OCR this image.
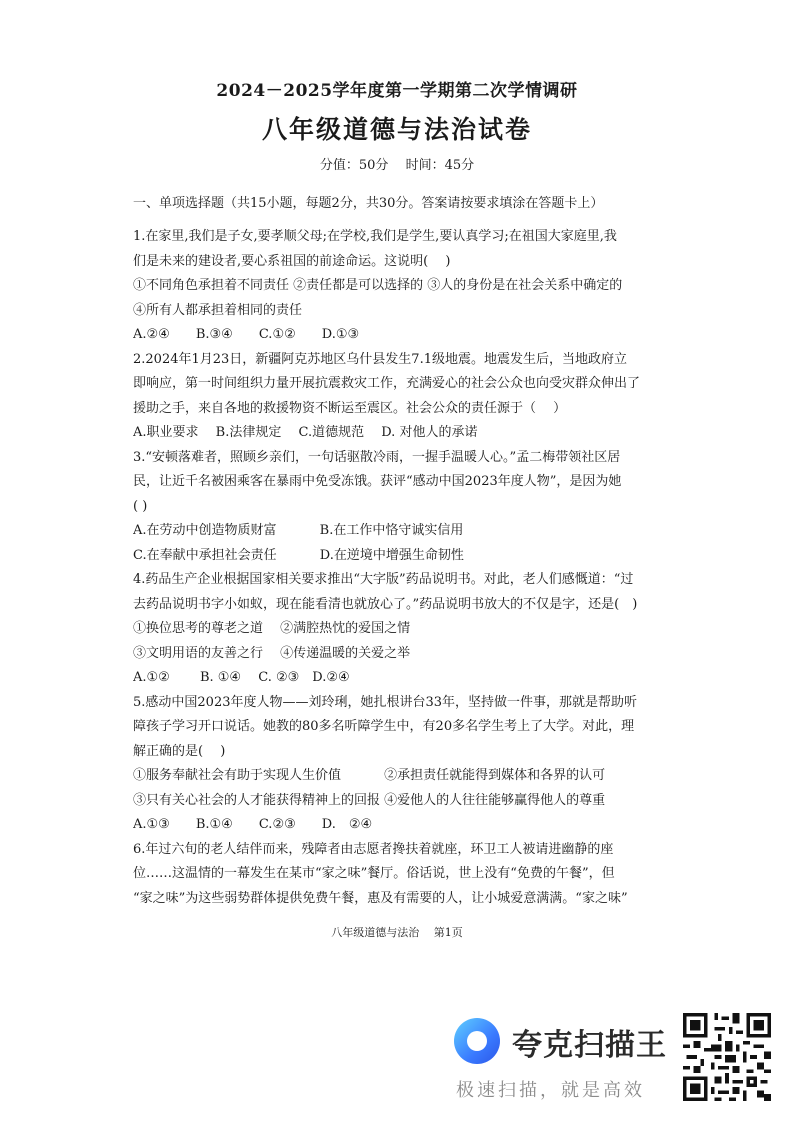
2024－2025学年度第一学期第二次学情调研
八年级道德与法治试卷
分值：50分　 时间：45分
一、单项选择题（共15小题，每题2分，共30分。答案请按要求填涂在答题卡上）
1.在家里,我们是子女,要孝顺父母;在学校,我们是学生,要认真学习;在祖国大家庭里,我
们是未来的建设者,要心系祖国的前途命运。这说明(　 )
①不同角色承担着不同责任 ②责任都是可以选择的 ③人的身份是在社会关系中确定的
④所有人都承担着相同的责任
A.②④　　B.③④　　C.①②　　D.①③
2.2024年1月23日，新疆阿克苏地区乌什县发生7.1级地震。地震发生后，当地政府立
即响应，第一时间组织力量开展抗震救灾工作，充满爱心的社会公众也向受灾群众伸出了
援助之手，来自各地的救援物资不断运至震区。社会公众的责任源于（　 ）
A.职业要求　 B.法律规定　 C.道德规范　 D. 对他人的承诺
3.“安顿落难者，照顾乡亲们，一句话驱散冷雨，一握手温暖人心。”孟二梅带领社区居
民，让近千名被困乘客在暴雨中免受冻饿。获评“感动中国2023年度人物”，是因为她
( )
A.在劳动中创造物质财富　　　 B.在工作中恪守诚实信用
C.在奉献中承担社会责任　　　 D.在逆境中增强生命韧性
4.药品生产企业根据国家相关要求推出“大字版”药品说明书。对此，老人们感慨道：“过
去药品说明书字小如蚁，现在能看清也就放心了。”药品说明书放大的不仅是字，还是(　)
①换位思考的尊老之道　 ②满腔热忱的爱国之情
③文明用语的友善之行　 ④传递温暖的关爱之举
A.①②　　 B. ①④　 C. ②③　D.②④
5.感动中国2023年度人物——刘玲琍，她扎根讲台33年，坚持做一件事，那就是帮助听
障孩子学习开口说话。她教的80多名听障学生中，有20多名学生考上了大学。对此，理
解正确的是(　 )
①服务奉献社会有助于实现人生价值　　　 ②承担责任就能得到媒体和各界的认可
③只有关心社会的人才能获得精神上的回报 ④爱他人的人往往能够赢得他人的尊重
A.①③　　B.①④　　C.②③　　D.　②④
6.年过六旬的老人结伴而来，残障者由志愿者搀扶着就座，环卫工人被请进幽静的座
位……这温情的一幕发生在某市“家之味”餐厅。俗话说，世上没有“免费的午餐”，但
“家之味”为这些弱势群体提供免费午餐，惠及有需要的人，让小城爱意满满。“家之味”
八年级道德与法治　 第1页
夸克扫描王
极速扫描，就是高效
